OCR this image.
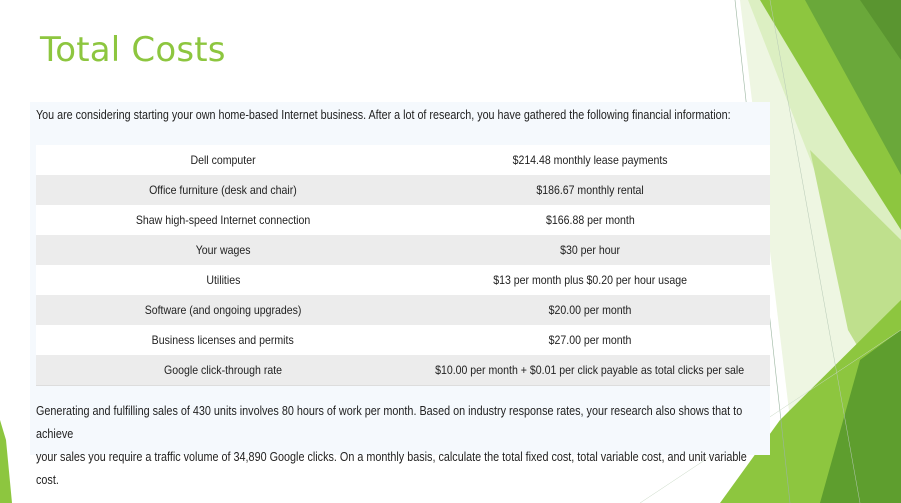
Total Costs
You are considering starting your own home-based Internet business. After a lot of research, you have gathered the following financial information:
Dell computer	$214.48 monthly lease payments
Office furniture (desk and chair)	$186.67 monthly rental
Shaw high-speed Internet connection	$166.88 per month
Your wages	$30 per hour
Utilities	$13 per month plus $0.20 per hour usage
Software (and ongoing upgrades)	$20.00 per month
Business licenses and permits	$27.00 per month
Google click-through rate	$10.00 per month + $0.01 per click payable as total clicks per sale
Generating and fulfilling sales of 430 units involves 80 hours of work per month. Based on industry response rates, your research also shows that to achieve
your sales you require a traffic volume of 34,890 Google clicks. On a monthly basis, calculate the total fixed cost, total variable cost, and unit variable cost.
